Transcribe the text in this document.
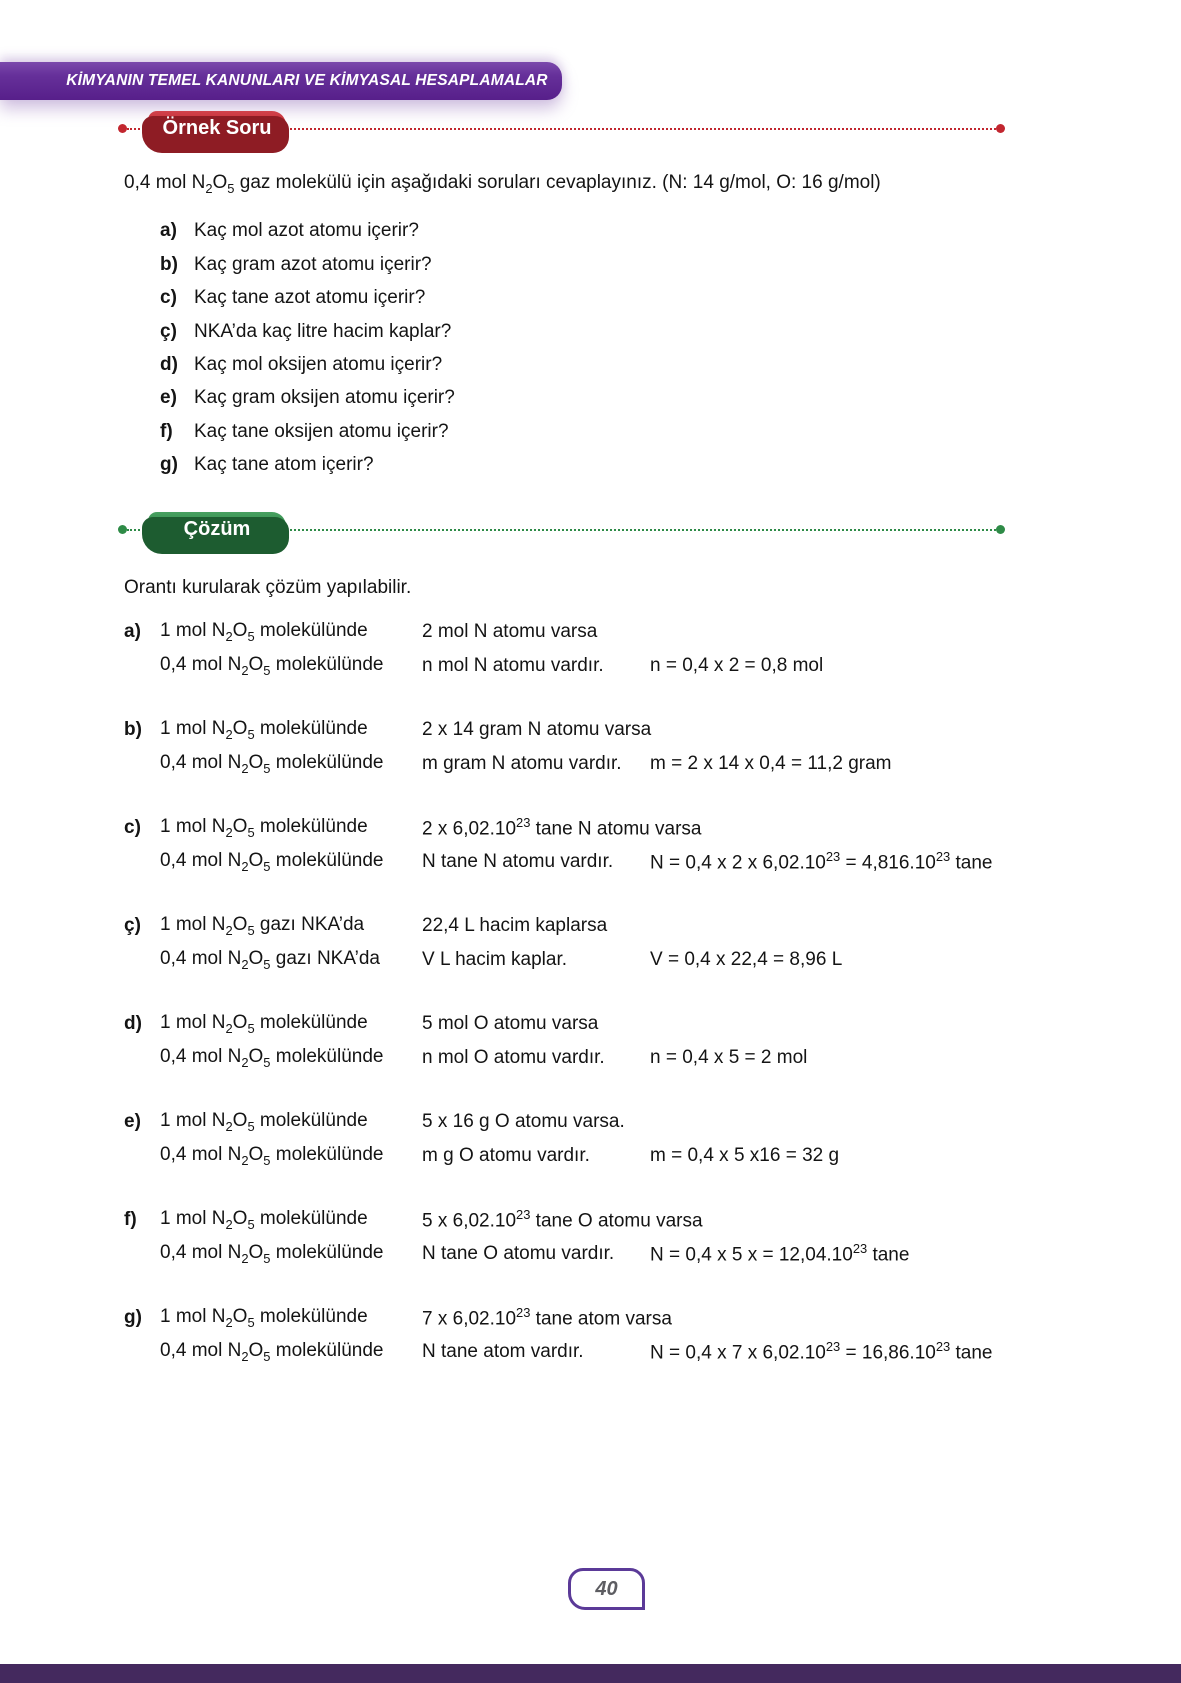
KİMYANIN TEMEL KANUNLARI VE KİMYASAL HESAPLAMALAR
Örnek Soru

0,4 mol $N_2O_5$ gaz molekülü için aşağıdaki soruları cevaplayınız. (N: 14 g/mol, O: 16 g/mol)

a) Kaç mol azot atomu içerir?
b) Kaç gram azot atomu içerir?
c) Kaç tane azot atomu içerir?
ç) NKA’da kaç litre hacim kaplar?
d) Kaç mol oksijen atomu içerir?
e) Kaç gram oksijen atomu içerir?
f)	Kaç tane oksijen atomu içerir?
g) Kaç tane atom içerir?
Çözüm

Orantı kurularak çözüm yapılabilir.

a)	1 mol $N_2O_5$ molekülünde	2 mol N atomu varsa
0,4 mol $N_2O_5$ molekülünde	n mol N atomu vardır.	n = 0,4 x 2 = 0,8 mol
b) 1 mol $N_2O_5$ molekülünde	2 x 14 gram N atomu varsa
0,4 mol $N_2O_5$ molekülünde	m gram N atomu vardır.	m = 2 x 14 x 0,4 = 11,2 gram
c)	1 mol $N_2O_5$ molekülünde	2 x 6,02.10$^{23}$ tane N atomu varsa
0,4 mol $N_2O_5$ molekülünde	N tane N atomu vardır.	N = 0,4 x 2 x $6,02.10^{23} = 4,816.10^{23}$ tane
ç)	1 mol $N_2O_5$ gazı NKA’da	22,4 L hacim kaplarsa
0,4 mol $N_2O_5$ gazı NKA’da	V L hacim kaplar.	V = 0,4 x 22,4 = 8,96 L
d) 1 mol $N_2O_5$ molekülünde	5 mol O atomu varsa
0,4 mol $N_2O_5$ molekülünde	n mol O atomu vardır.	n = 0,4 x 5 = 2 mol
e)	1 mol $N_2O_5$ molekülünde	5 x 16 g O atomu varsa.
0,4 mol $N_2O_5$ molekülünde	m g O atomu vardır.	m = 0,4 x 5 x16 = 32 g
f)	1 mol $N_2O_5$ molekülünde	5 x 6,02.10$^{23}$ tane O atomu varsa
0,4 mol $N_2O_5$ molekülünde	N tane O atomu vardır.	N = 0,4 x 5 $x = 12,04.10^{23}$ tane
g) 1 mol $N_2O_5$ molekülünde	7 x 6,02.10$^{23}$ tane atom varsa
0,4 mol $N_2O_5$ molekülünde	N tane atom vardır.	N = 0,4 x 7 x $6,02.10^{23} = 16,86.10^{23}$ tane
40
